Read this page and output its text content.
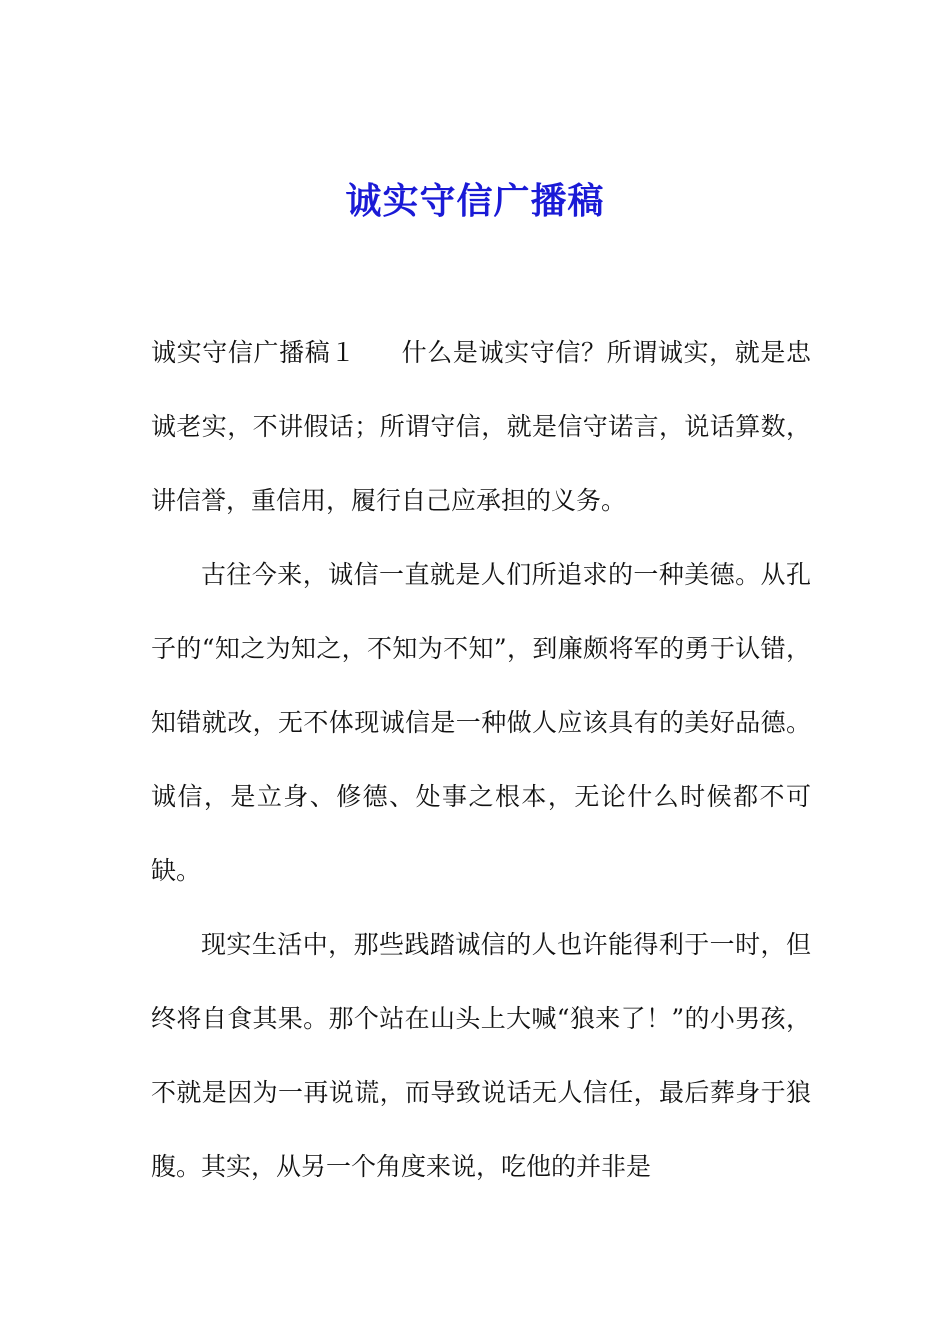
诚实守信广播稿

诚实守信广播稿１ 什么是诚实守信？所谓诚实，就是忠诚老实，不讲假话；所谓守信，就是信守诺言，说话算数，讲信誉，重信用，履行自己应承担的义务。

古往今来，诚信一直就是人们所追求的一种美德。从孔子的“知之为知之，不知为不知”，到廉颇将军的勇于认错，知错就改，无不体现诚信是一种做人应该具有的美好品德。诚信，是立身、修德、处事之根本，无论什么时候都不可缺。

现实生活中，那些践踏诚信的人也许能得利于一时，但终将自食其果。那个站在山头上大喊“狼来了！”的小男孩，不就是因为一再说谎，而导致说话无人信任，最后葬身于狼腹。其实，从另一个角度来说，吃他的并非是
